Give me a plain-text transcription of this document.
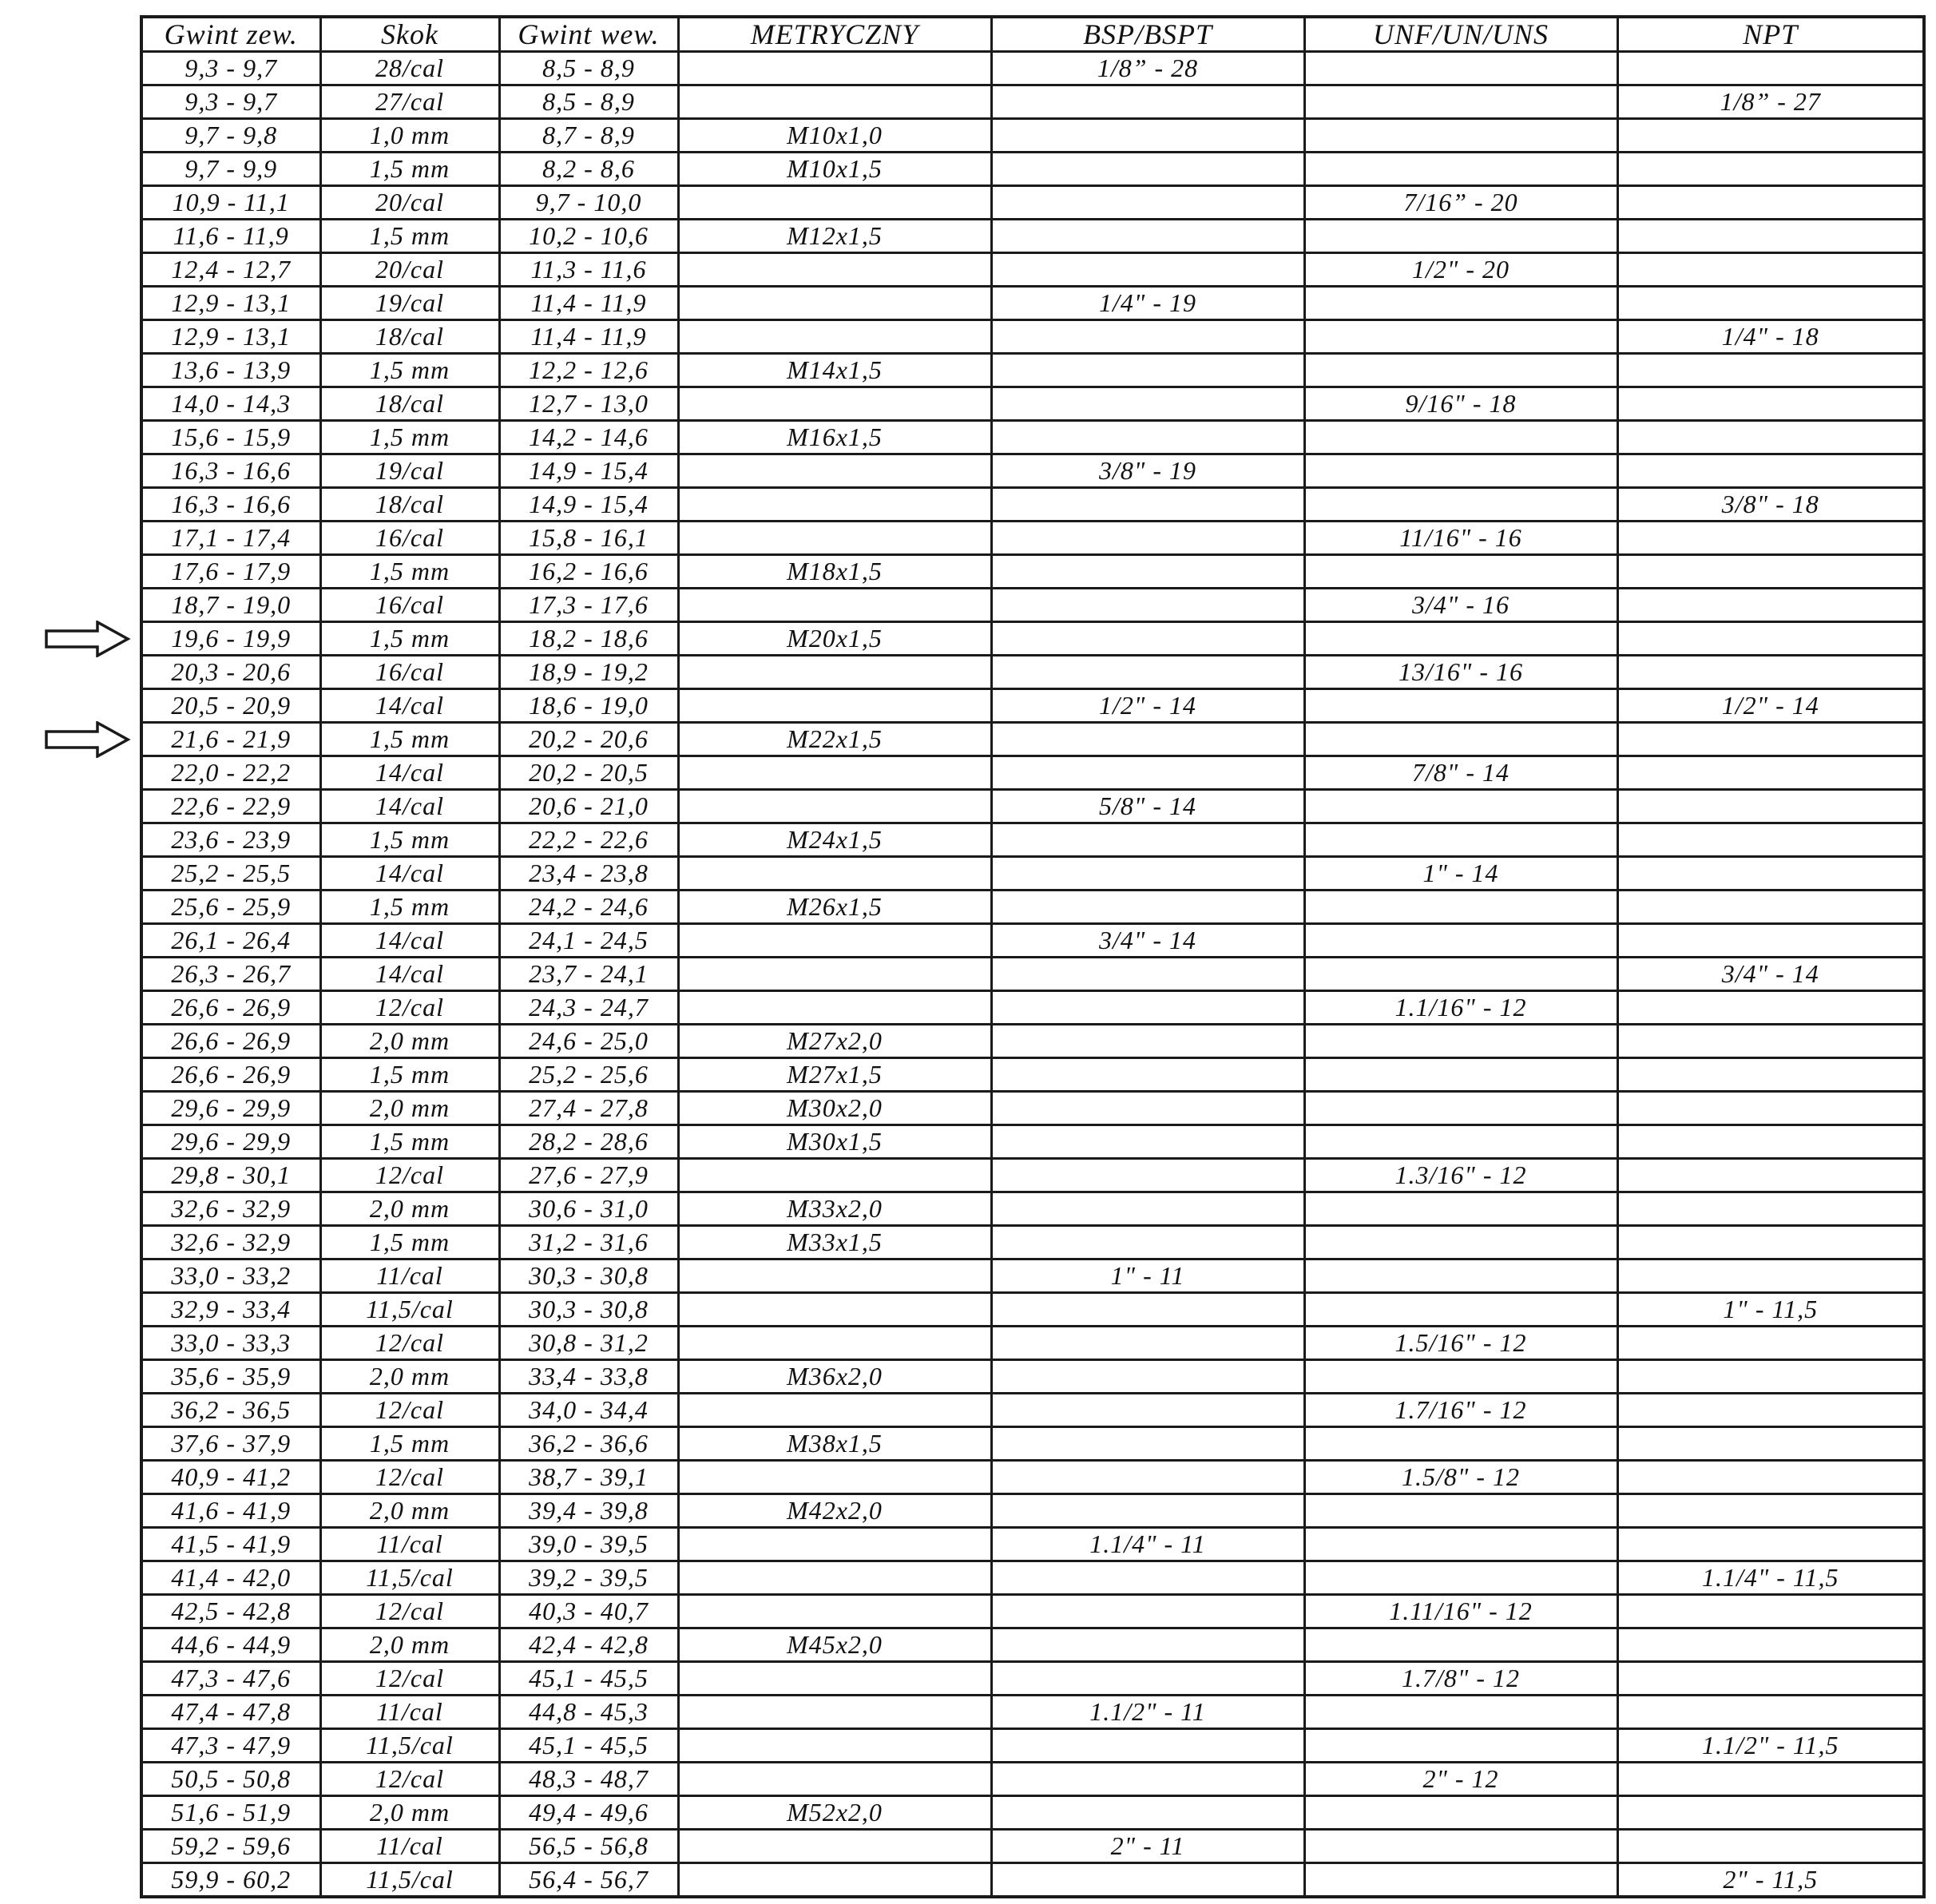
Gwint zew.	Skok	Gwint wew.	METRYCZNY	BSP/BSPT	UNF/UN/UNS	NPT
9,3 - 9,7	28/cal	8,5 - 8,9		1/8” - 28		
9,3 - 9,7	27/cal	8,5 - 8,9				1/8” - 27
9,7 - 9,8	1,0 mm	8,7 - 8,9	M10x1,0			
9,7 - 9,9	1,5 mm	8,2 - 8,6	M10x1,5			
10,9 - 11,1	20/cal	9,7 - 10,0			7/16” - 20	
11,6 - 11,9	1,5 mm	10,2 - 10,6	M12x1,5			
12,4 - 12,7	20/cal	11,3 - 11,6			1/2" - 20	
12,9 - 13,1	19/cal	11,4 - 11,9		1/4" - 19		
12,9 - 13,1	18/cal	11,4 - 11,9				1/4" - 18
13,6 - 13,9	1,5 mm	12,2 - 12,6	M14x1,5			
14,0 - 14,3	18/cal	12,7 - 13,0			9/16" - 18	
15,6 - 15,9	1,5 mm	14,2 - 14,6	M16x1,5			
16,3 - 16,6	19/cal	14,9 - 15,4		3/8" - 19		
16,3 - 16,6	18/cal	14,9 - 15,4				3/8" - 18
17,1 - 17,4	16/cal	15,8 - 16,1			11/16" - 16	
17,6 - 17,9	1,5 mm	16,2 - 16,6	M18x1,5			
18,7 - 19,0	16/cal	17,3 - 17,6			3/4" - 16	
19,6 - 19,9	1,5 mm	18,2 - 18,6	M20x1,5			
20,3 - 20,6	16/cal	18,9 - 19,2			13/16" - 16	
20,5 - 20,9	14/cal	18,6 - 19,0		1/2" - 14		1/2" - 14
21,6 - 21,9	1,5 mm	20,2 - 20,6	M22x1,5			
22,0 - 22,2	14/cal	20,2 - 20,5			7/8" - 14	
22,6 - 22,9	14/cal	20,6 - 21,0		5/8" - 14		
23,6 - 23,9	1,5 mm	22,2 - 22,6	M24x1,5			
25,2 - 25,5	14/cal	23,4 - 23,8			1" - 14	
25,6 - 25,9	1,5 mm	24,2 - 24,6	M26x1,5			
26,1 - 26,4	14/cal	24,1 - 24,5		3/4" - 14		
26,3 - 26,7	14/cal	23,7 - 24,1				3/4" - 14
26,6 - 26,9	12/cal	24,3 - 24,7			1.1/16" - 12	
26,6 - 26,9	2,0 mm	24,6 - 25,0	M27x2,0			
26,6 - 26,9	1,5 mm	25,2 - 25,6	M27x1,5			
29,6 - 29,9	2,0 mm	27,4 - 27,8	M30x2,0			
29,6 - 29,9	1,5 mm	28,2 - 28,6	M30x1,5			
29,8 - 30,1	12/cal	27,6 - 27,9			1.3/16" - 12	
32,6 - 32,9	2,0 mm	30,6 - 31,0	M33x2,0			
32,6 - 32,9	1,5 mm	31,2 - 31,6	M33x1,5			
33,0 - 33,2	11/cal	30,3 - 30,8		1" - 11		
32,9 - 33,4	11,5/cal	30,3 - 30,8				1" - 11,5
33,0 - 33,3	12/cal	30,8 - 31,2			1.5/16" - 12	
35,6 - 35,9	2,0 mm	33,4 - 33,8	M36x2,0			
36,2 - 36,5	12/cal	34,0 - 34,4			1.7/16" - 12	
37,6 - 37,9	1,5 mm	36,2 - 36,6	M38x1,5			
40,9 - 41,2	12/cal	38,7 - 39,1			1.5/8" - 12	
41,6 - 41,9	2,0 mm	39,4 - 39,8	M42x2,0			
41,5 - 41,9	11/cal	39,0 - 39,5		1.1/4" - 11		
41,4 - 42,0	11,5/cal	39,2 - 39,5				1.1/4" - 11,5
42,5 - 42,8	12/cal	40,3 - 40,7			1.11/16" - 12	
44,6 - 44,9	2,0 mm	42,4 - 42,8	M45x2,0			
47,3 - 47,6	12/cal	45,1 - 45,5			1.7/8" - 12	
47,4 - 47,8	11/cal	44,8 - 45,3		1.1/2" - 11		
47,3 - 47,9	11,5/cal	45,1 - 45,5				1.1/2" - 11,5
50,5 - 50,8	12/cal	48,3 - 48,7			2" - 12	
51,6 - 51,9	2,0 mm	49,4 - 49,6	M52x2,0			
59,2 - 59,6	11/cal	56,5 - 56,8		2" - 11		
59,9 - 60,2	11,5/cal	56,4 - 56,7				2" - 11,5
